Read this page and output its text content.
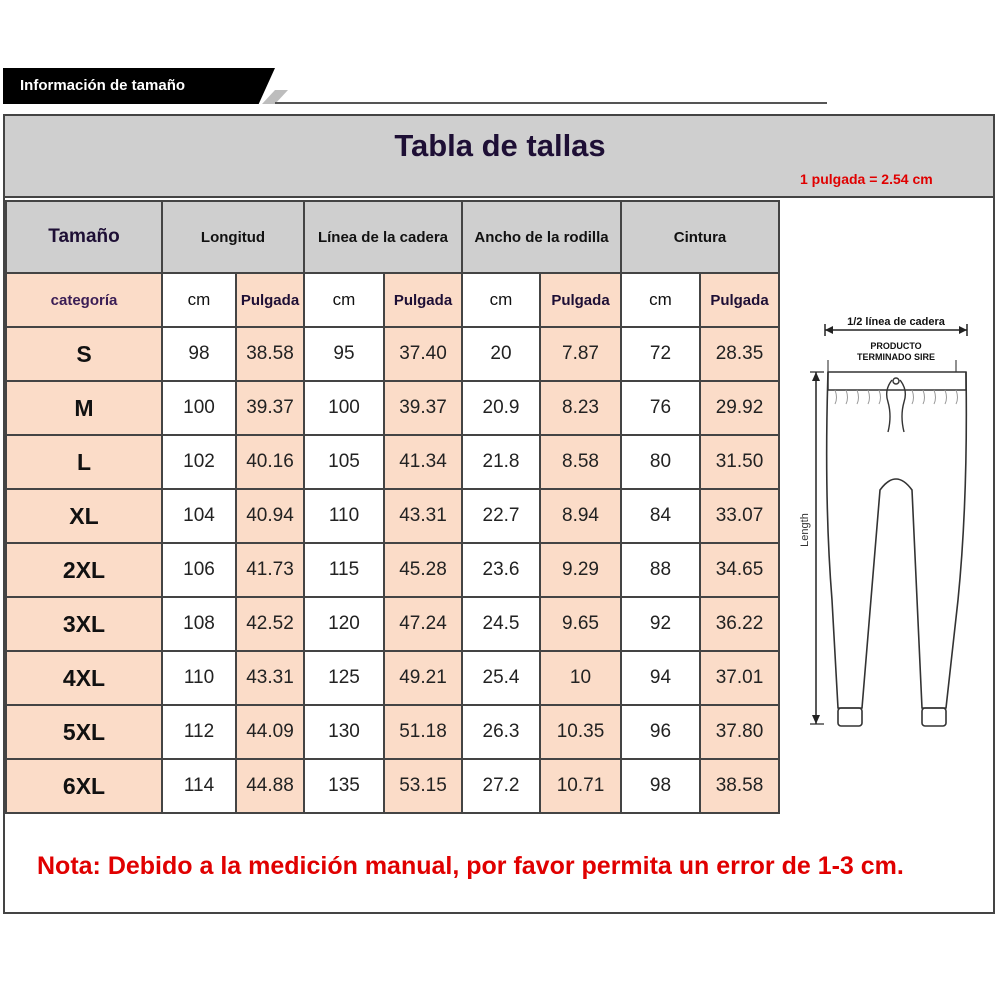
Información de tamaño
Tabla de tallas
1 pulgada = 2.54 cm
Tamaño	Longitud		Línea de la cadera		Ancho de la rodilla		Cintura	
categoría	cm	Pulgada	cm	Pulgada	cm	Pulgada	cm	Pulgada
S	98	38.58	95	37.40	20	7.87	72	28.35
M	100	39.37	100	39.37	20.9	8.23	76	29.92
L	102	40.16	105	41.34	21.8	8.58	80	31.50
XL	104	40.94	110	43.31	22.7	8.94	84	33.07
2XL	106	41.73	115	45.28	23.6	9.29	88	34.65
3XL	108	42.52	120	47.24	24.5	9.65	92	36.22
4XL	110	43.31	125	49.21	25.4	10	94	37.01
5XL	112	44.09	130	51.18	26.3	10.35	96	37.80
6XL	114	44.88	135	53.15	27.2	10.71	98	38.58
1/2 línea de cadera
PRODUCTO
TERMINADO SIRE
Length
Nota: Debido a la medición manual, por favor permita un error de 1-3 cm.
